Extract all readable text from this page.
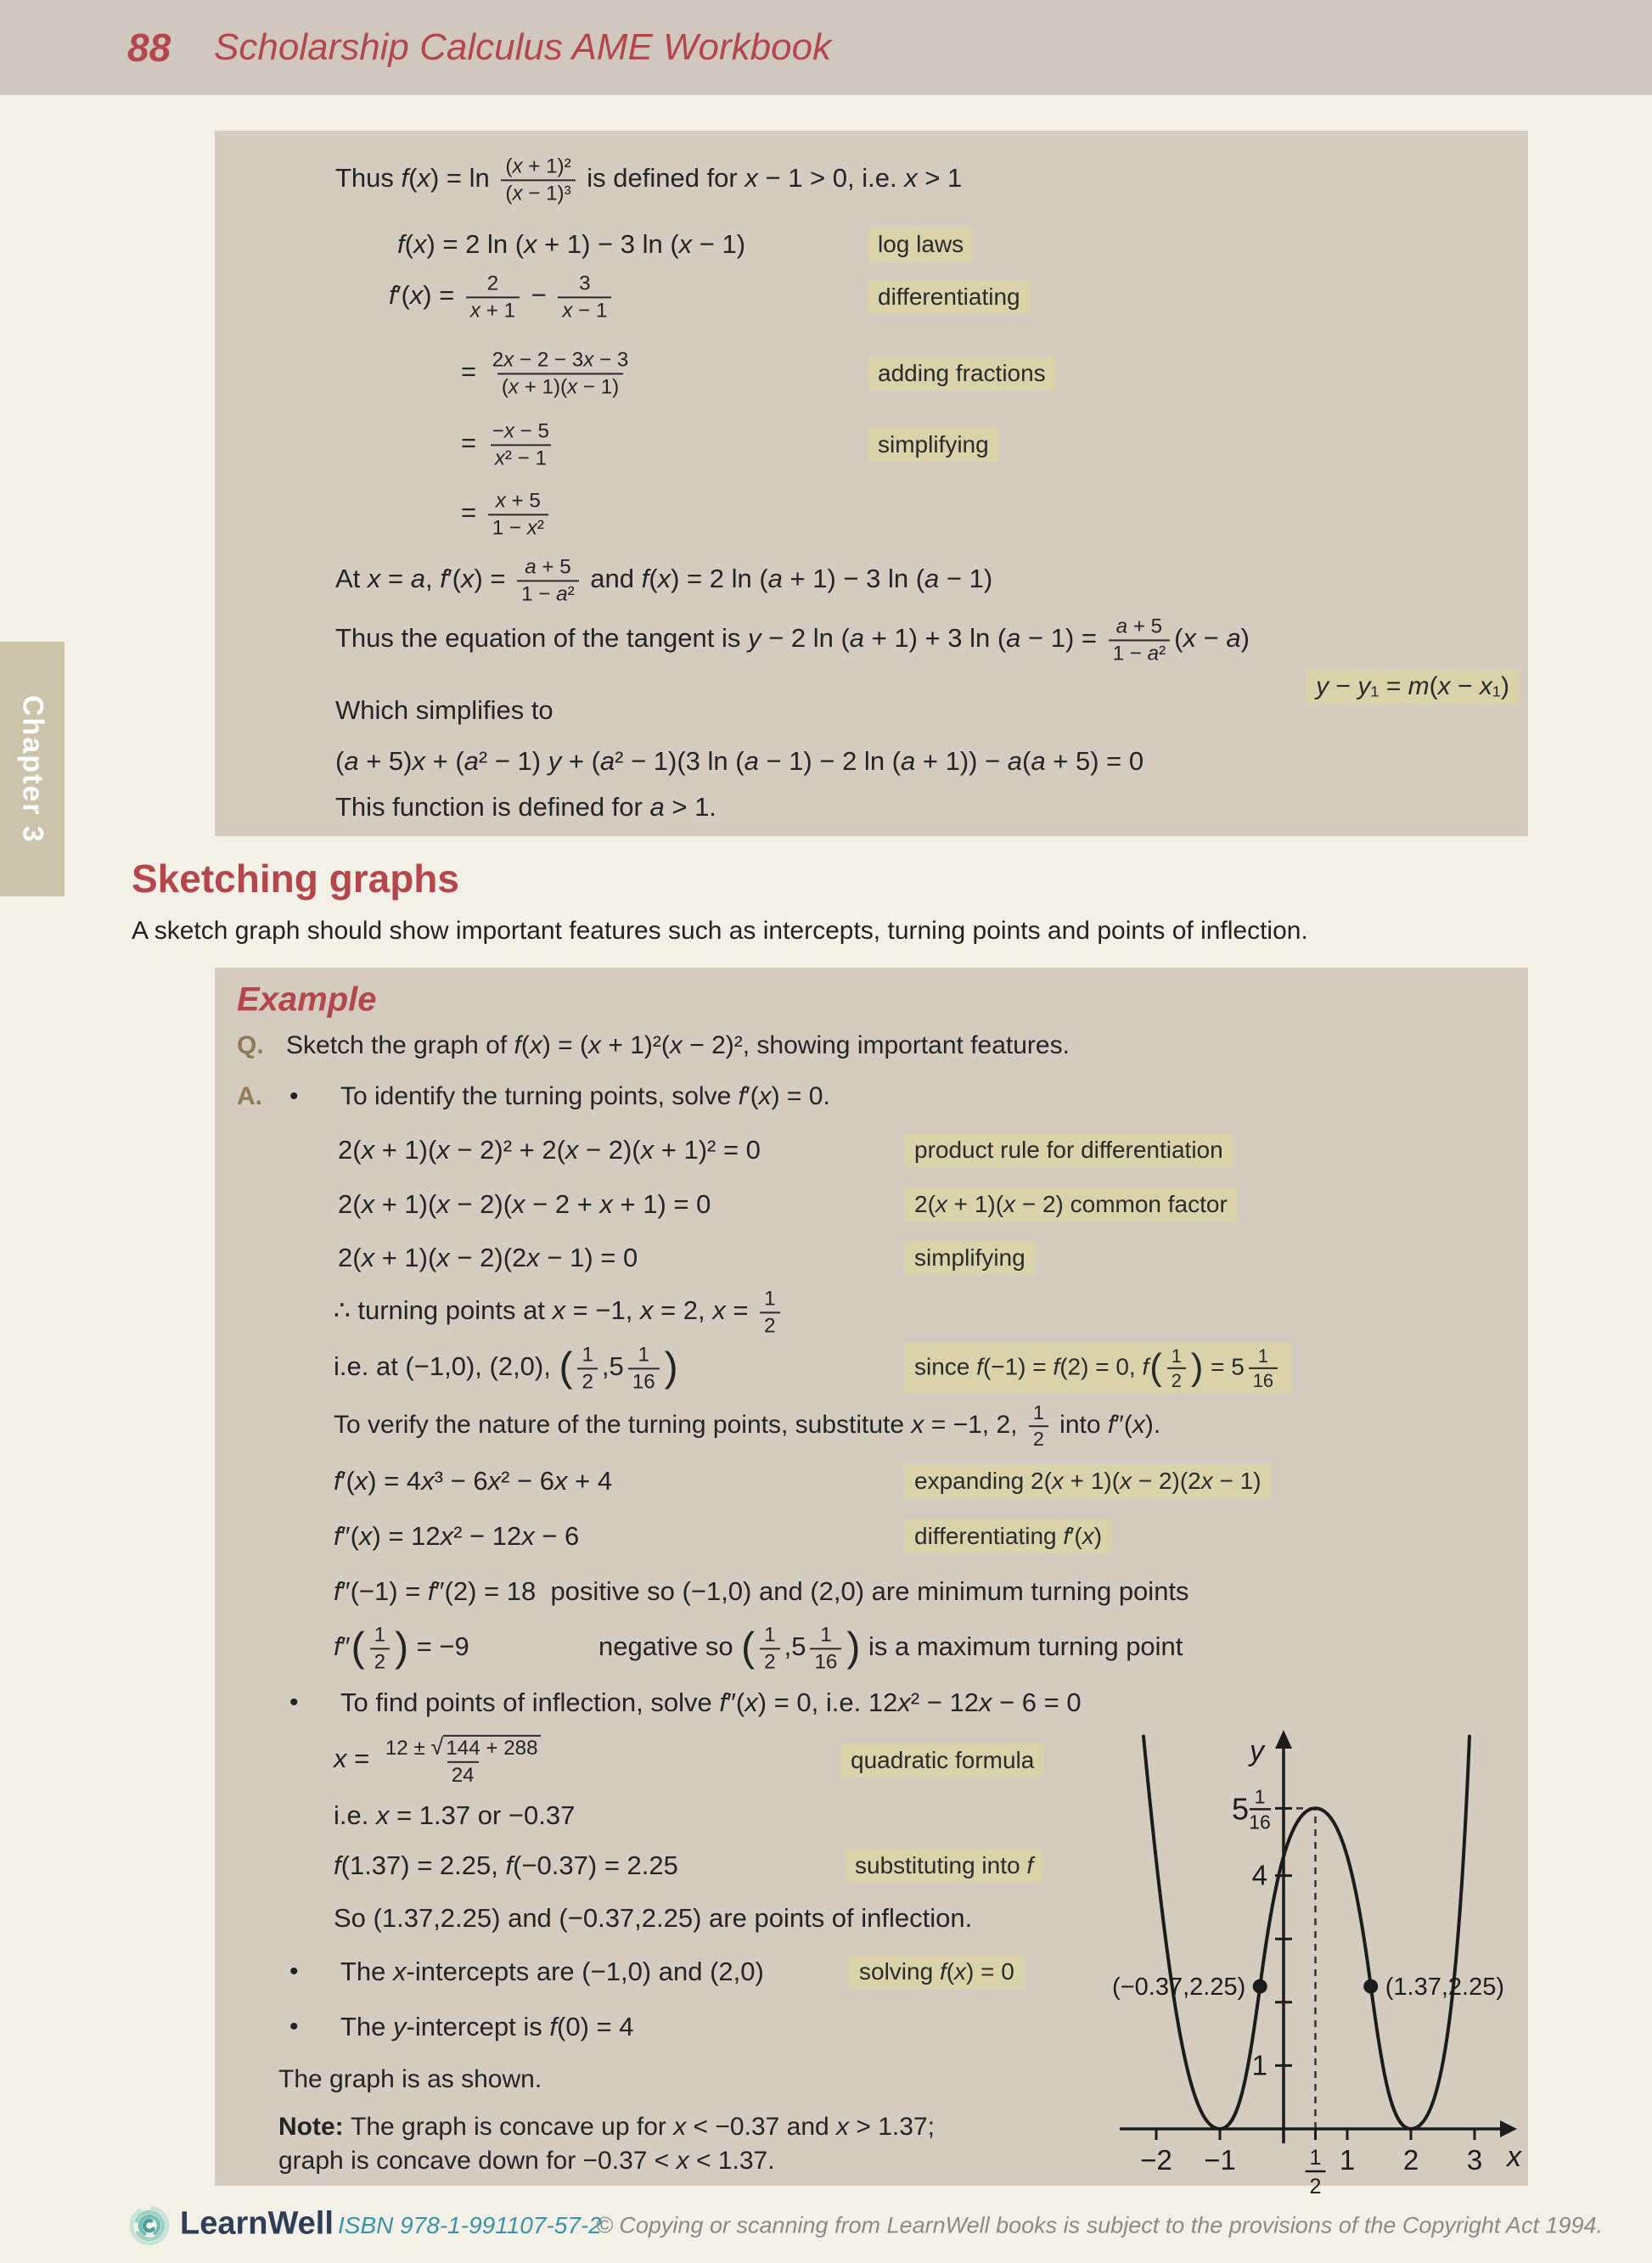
88 Scholarship Calculus AME Workbook
Chapter 3
Thus $f(x) = \ln \frac{\text{(x + 1)²}}{\text{(x − 1)³}}$ is defined for x − 1 > 0, i.e. x > 1
f(x) = 2 ln (x + 1) − 3 ln (x − 1)	log laws
$f'(x) = \frac{2}{x + 1} - \frac{3}{x - 1}$	differentiating
= $\frac{2x - 2 - 3x - 3}{(x + 1)(x - 1)}$	adding fractions
= $\frac{-x - 5}{\text{x² − 1}}$	simplifying
= $\frac{x + 5}{\text{1 − x²}}$
At x = a, $f'(x) = \frac{a + 5}{\text{1 − a²}}$ and f(x) = 2 ln (a + 1) − 3 ln (a − 1)
Thus the equation of the tangent is y − 2 ln (a + 1) + 3 $\ln (a - 1) = \frac{a + 5}{\text{1 − a²}} (x - a)$
y − y₁ = m(x − x₁)
Which simplifies to
(a + 5)x + (a² − 1) y + (a² − 1)(3 ln (a − 1) − 2 ln (a + 1)) − a(a + 5) = 0
This function is defined for a > 1.
Sketching graphs
A sketch graph should show important features such as intercepts, turning points and points of inflection.
Example
Q. Sketch the graph of f(x) = (x + 1)²(x − 2)², showing important features.
A. • To identify the turning points, solve f′(x) = 0.
2(x + 1)(x − 2)² + 2(x − 2)(x + 1)² = 0	product rule for differentiation
2(x + 1)(x − 2)(x − 2 + x + 1) = 0	2(x + 1)(x − 2) common factor
2(x + 1)(x − 2)(2x − 1) = 0	simplifying
∴ turning points at x = −1, x = 2, $x = \frac{1}{2}$
i.e. at (−1,0), (2,0), ( $\frac{1}{2} ,5 \frac{1}{16}$ )	since f(−1) = f(2) = 0, $f( \frac{1}{2}$ ) = $5 \frac{1}{16}$
To verify the nature of the turning points, substitute x = −1, 2, $\frac{1}{2}$ into f″(x).
f′(x) = 4x³ − 6x² − 6x + 4	expanding 2(x + 1)(x − 2)(2x − 1)
f″(x) = 12x² − 12x − 6	differentiating f′(x)
f″(−1) = f″(2) = 18  positive so (−1,0) and (2,0) are minimum turning points
$f''( \frac{1}{2}$ ) = −9	negative so ( $\frac{1}{2} ,5 \frac{1}{16}$ ) is a maximum turning point
• To find points of inflection, solve f″(x) = 0, i.e. 12x² − 12x − 6 = 0
$x = \frac{12 \pm √ 144 + 288}{24}$	quadratic formula
i.e. x = 1.37 or −0.37
f(1.37) = 2.25, f(−0.37) = 2.25	substituting into f
So (1.37,2.25) and (−0.37,2.25) are points of inflection.
• The x-intercepts are (−1,0) and (2,0)	solving f(x) = 0
• The y-intercept is f(0) = 4
The graph is as shown.
Note: The graph is concave up for x < −0.37 and x > 1.37;
graph is concave down for −0.37 < x < 1.37.
y
x
−2 −1	1
2
1 2 3
1
4
5 1
16
(−0.37,2.25)	(1.37,2.25)
LearnWell ISBN 978-1-991107-57-2
© Copying or scanning from LearnWell books is subject to the provisions of the Copyright Act 1994.
